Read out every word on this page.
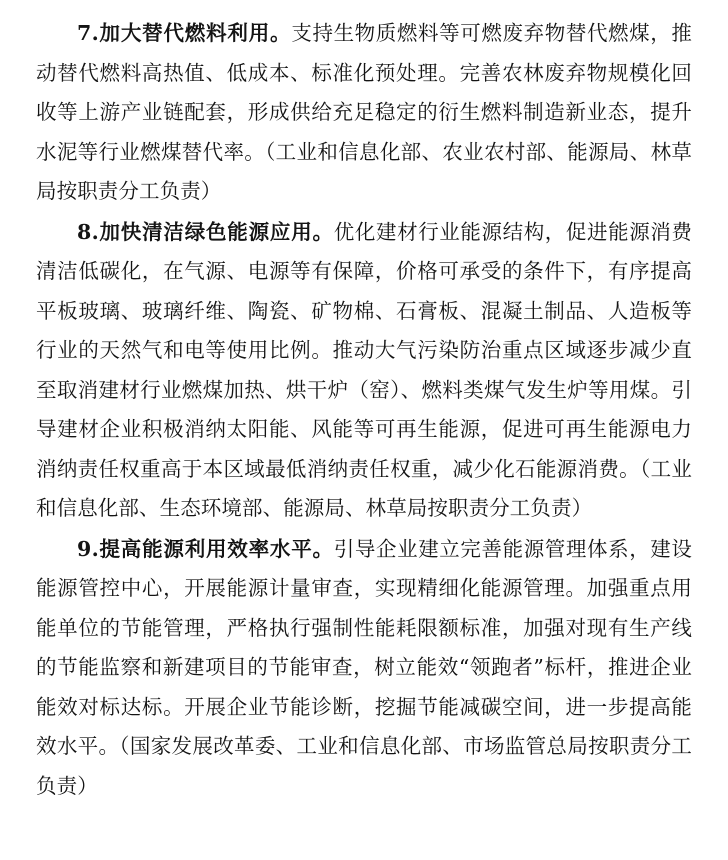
7.加大替代燃料利用。支持生物质燃料等可燃废弃物替代燃煤，推动替代燃料高热值、低成本、标准化预处理。完善农林废弃物规模化回收等上游产业链配套，形成供给充足稳定的衍生燃料制造新业态，提升水泥等行业燃煤替代率。（工业和信息化部、农业农村部、能源局、林草局按职责分工负责）

8.加快清洁绿色能源应用。优化建材行业能源结构，促进能源消费清洁低碳化，在气源、电源等有保障，价格可承受的条件下，有序提高平板玻璃、玻璃纤维、陶瓷、矿物棉、石膏板、混凝土制品、人造板等行业的天然气和电等使用比例。推动大气污染防治重点区域逐步减少直至取消建材行业燃煤加热、烘干炉（窑）、燃料类煤气发生炉等用煤。引导建材企业积极消纳太阳能、风能等可再生能源，促进可再生能源电力消纳责任权重高于本区域最低消纳责任权重，减少化石能源消费。（工业和信息化部、生态环境部、能源局、林草局按职责分工负责）

9.提高能源利用效率水平。引导企业建立完善能源管理体系，建设能源管控中心，开展能源计量审查，实现精细化能源管理。加强重点用能单位的节能管理，严格执行强制性能耗限额标准，加强对现有生产线的节能监察和新建项目的节能审查，树立能效“领跑者”标杆，推进企业能效对标达标。开展企业节能诊断，挖掘节能减碳空间，进一步提高能效水平。（国家发展改革委、工业和信息化部、市场监管总局按职责分工负责）
